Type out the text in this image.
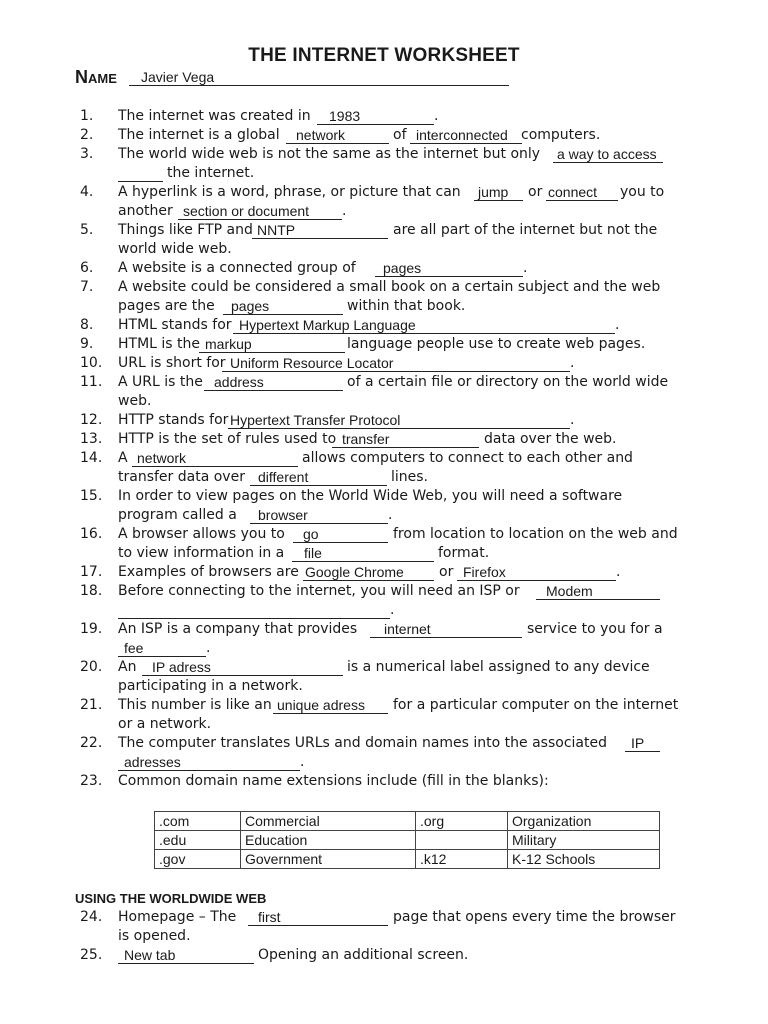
THE INTERNET WORKSHEET
Name Javier Vega
1. The internet was created in 1983	.
2. The internet is a global network	of interconnected computers.
3. The world wide web is not the same as the internet but only a way to access
the internet.
4. A hyperlink is a word, phrase, or picture that can jump or connect you to
another section or document .
5. Things like FTP and NNTP	are all part of the internet but not the
world wide web.
6. A website is a connected group of pages	.
7. A website could be considered a small book on a certain subject and the web
pages are the pages	within that book.
8. HTML stands for Hypertext Markup Language	.
9. HTML is the markup	language people use to create web pages.
10. URL is short for Uniform Resource Locator	.
11. A URL is the address	of a certain file or directory on the world wide
web.
12. HTTP stands for Hypertext Transfer Protocol	.
13. HTTP is the set of rules used to transfer	data over the web.
14. A network	allows computers to connect to each other and
transfer data over different	lines.
15. In order to view pages on the World Wide Web, you will need a software
program called a browser	.
16. A browser allows you to go	from location to location on the web and
to view information in a file	format.
17. Examples of browsers are Google Chrome	or Firefox	.
18. Before connecting to the internet, you will need an ISP or Modem
.
19. An ISP is a company that provides internet	service to you for a
fee	.
20. An IP adress	is a numerical label assigned to any device
participating in a network.
21. This number is like an unique adress for a particular computer on the internet
or a network.
22. The computer translates URLs and domain names into the associated IP
adresses	.
23. Common domain name extensions include (fill in the blanks):
24. Homepage – The first	page that opens every time the browser
is opened.
25. New tab	Opening an additional screen.
.com	Commercial	.org	Organization
.edu	Education		Military
.gov	Government	.k12	K-12 Schools
USING THE WORLDWIDE WEB
